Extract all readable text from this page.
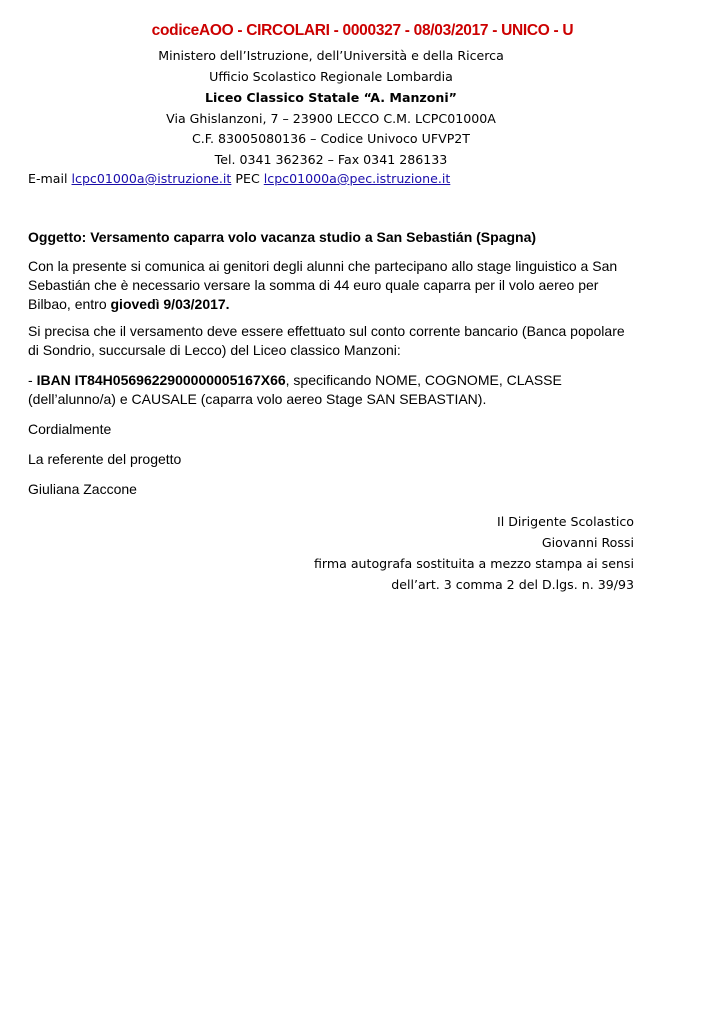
codiceAOO - CIRCOLARI - 0000327 - 08/03/2017 - UNICO - U
Ministero dell’Istruzione, dell’Università e della Ricerca
Ufficio Scolastico Regionale Lombardia
Liceo Classico Statale “A. Manzoni”
Via Ghislanzoni, 7 – 23900 LECCO C.M. LCPC01000A
C.F. 83005080136 – Codice Univoco UFVP2T
Tel. 0341 362362 – Fax 0341 286133
E-mail lcpc01000a@istruzione.it PEC lcpc01000a@pec.istruzione.it
Oggetto: Versamento caparra volo vacanza studio a San Sebastián (Spagna)
Con la presente si comunica ai genitori degli alunni che partecipano allo stage linguistico a San Sebastián che è necessario versare la somma di 44 euro quale caparra per il volo aereo per Bilbao, entro giovedì 9/03/2017.
Si precisa che il versamento deve essere effettuato sul conto corrente bancario (Banca popolare di Sondrio, succursale di Lecco) del Liceo classico Manzoni:
- IBAN IT84H0569622900000005167X66, specificando NOME, COGNOME, CLASSE (dell’alunno/a) e CAUSALE (caparra volo aereo Stage SAN SEBASTIAN).
Cordialmente
La referente del progetto
Giuliana Zaccone
Il Dirigente Scolastico
Giovanni Rossi
firma autografa sostituita a mezzo stampa ai sensi
dell’art. 3 comma 2 del D.lgs. n. 39/93
